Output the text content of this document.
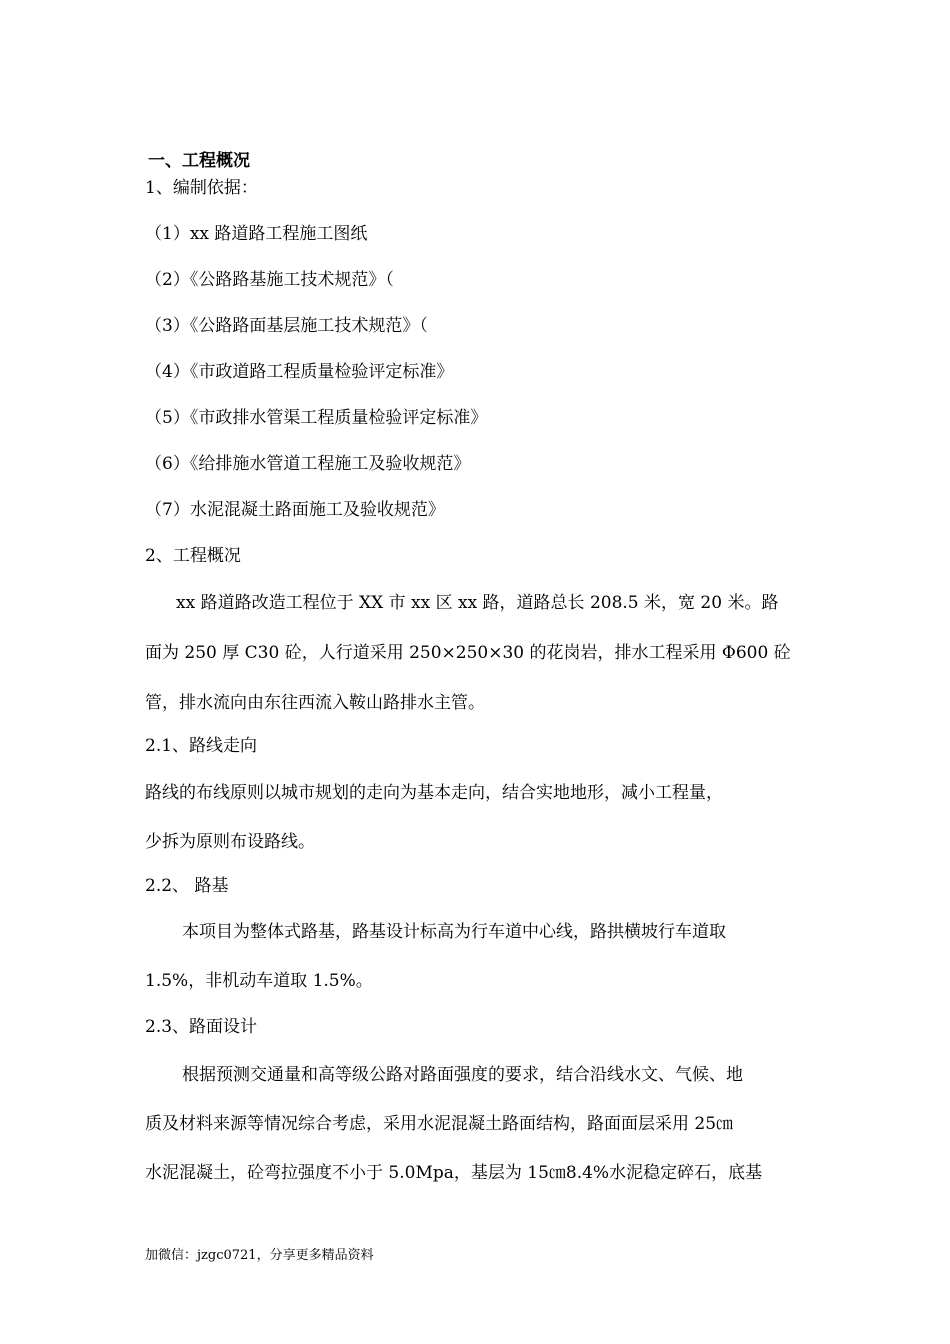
一、工程概况
1、编制依据：
（1）xx 路道路工程施工图纸
（2）《公路路基施工技术规范》（
（3）《公路路面基层施工技术规范》（
（4）《市政道路工程质量检验评定标准》
（5）《市政排水管渠工程质量检验评定标准》
（6）《给排施水管道工程施工及验收规范》
（7）水泥混凝土路面施工及验收规范》
2、工程概况
xx 路道路改造工程位于 XX 市 xx 区 xx 路，道路总长 208.5 米，宽 20 米。路
面为 250 厚 C30 砼，人行道采用 250×250×30 的花岗岩，排水工程采用 Φ600 砼
管，排水流向由东往西流入鞍山路排水主管。
2.1、路线走向
路线的布线原则以城市规划的走向为基本走向，结合实地地形，减小工程量，
少拆为原则布设路线。
2.2、 路基
本项目为整体式路基，路基设计标高为行车道中心线，路拱横坡行车道取
1.5%，非机动车道取 1.5%。
2.3、路面设计
根据预测交通量和高等级公路对路面强度的要求，结合沿线水文、气候、地
质及材料来源等情况综合考虑，采用水泥混凝土路面结构，路面面层采用 25㎝
水泥混凝土，砼弯拉强度不小于 5.0Mpa，基层为 15㎝8.4%水泥稳定碎石，底基
加微信：jzgc0721，分享更多精品资料
